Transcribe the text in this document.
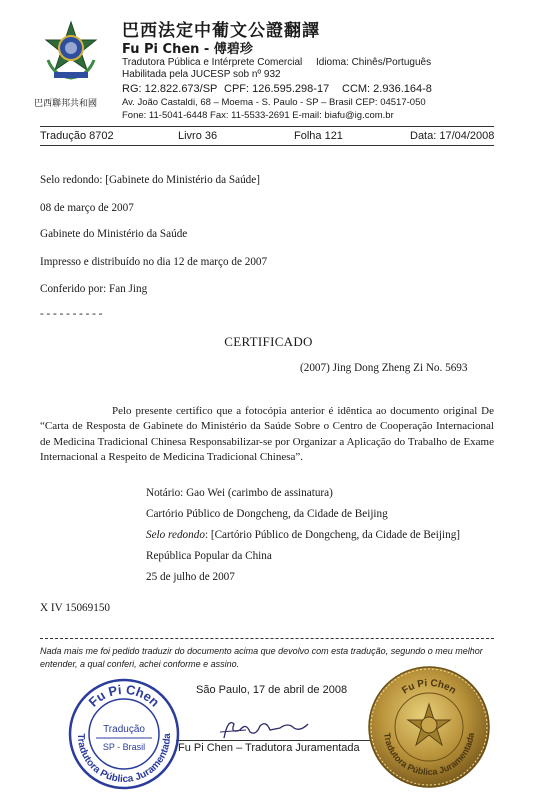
巴西聯邦共和國
巴西法定中葡文公證翻譯
Fu Pi Chen - 傅碧珍
Tradutora Pública e Intérprete Comercial Idioma: Chinês/Português
Habilitada pela JUCESP sob nº 932
RG: 12.822.673/SP CPF: 126.595.298-17 CCM: 2.936.164-8
Av. João Castaldi, 68 – Moema - S. Paulo - SP – Brasil CEP: 04517-050
Fone: 11-5041-6448 Fax: 11-5533-2691 E-mail: biafu@ig.com.br
Tradução 8702	Livro 36	Folha 121	Data: 17/04/2008
Selo redondo: [Gabinete do Ministério da Saúde]
08 de março de 2007
Gabinete do Ministério da Saúde
Impresso e distribuído no dia 12 de março de 2007
Conferido por: Fan Jing
- - - - - - - - - -
CERTIFICADO
(2007) Jing Dong Zheng Zi No. 5693
Pelo presente certifico que a fotocópia anterior é idêntica ao documento original De “Carta de Resposta de Gabinete do Ministério da Saúde Sobre o Centro de Cooperação Internacional de Medicina Tradicional Chinesa Responsabilizar-se por Organizar a Aplicação do Trabalho de Exame Internacional a Respeito de Medicina Tradicional Chinesa”.
Notário: Gao Wei (carimbo de assinatura)
Cartório Público de Dongcheng, da Cidade de Beijing
Selo redondo: [Cartório Público de Dongcheng, da Cidade de Beijing]
República Popular da China
25 de julho de 2007
X IV 15069150
Nada mais me foi pedido traduzir do documento acima que devolvo com esta tradução, segundo o meu melhor entender, a qual conferi, achei conforme e assino.
São Paulo, 17 de abril de 2008
Fu Pi Chen – Tradutora Juramentada
Fu Pi Chen
Tradutora Pública Juramentada
Tradução
SP - Brasil
Fu Pi Chen
Tradutora Pública Juramentada
